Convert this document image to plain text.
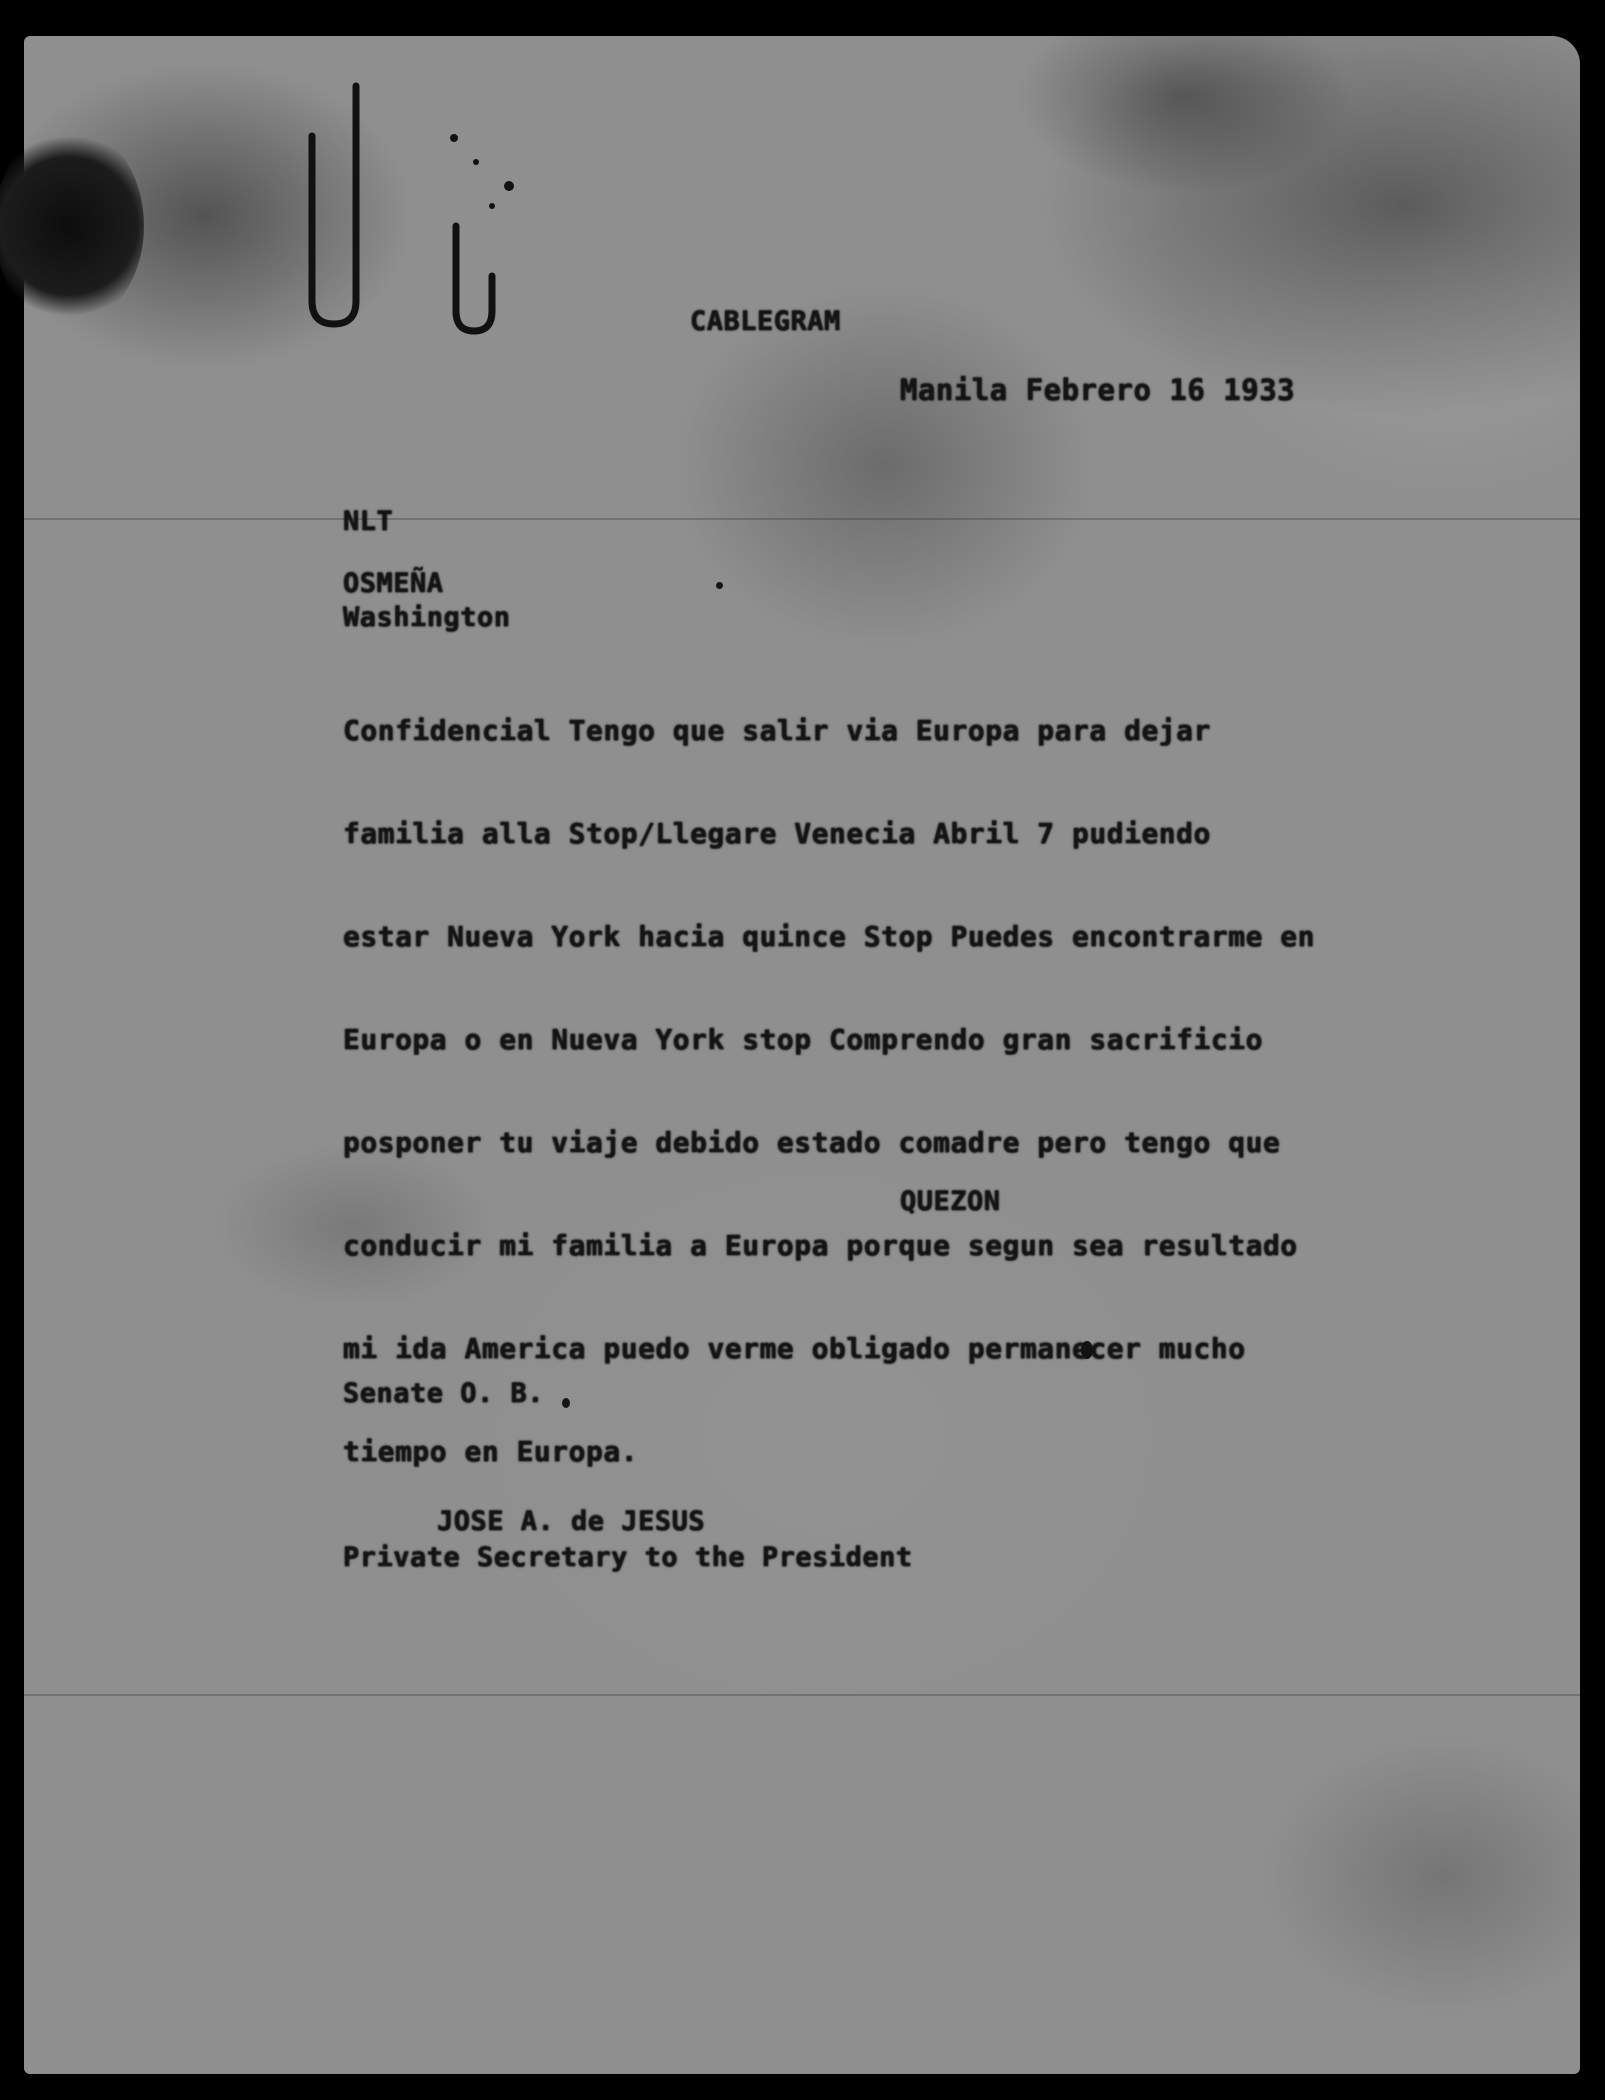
CABLEGRAM
Manila Febrero 16 1933
NLT
OSMEÑA
Washington

Confidencial Tengo que salir via Europa para dejar

familia alla Stop/Llegare Venecia Abril 7 pudiendo

estar Nueva York hacia quince Stop Puedes encontrarme en

Europa o en Nueva York stop Comprendo gran sacrificio

posponer tu viaje debido estado comadre pero tengo que

conducir mi familia a Europa porque segun sea resultado

mi ida America puedo verme obligado permanecer mucho

tiempo en Europa.

QUEZON
Senate O. B.
JOSE A. de JESUS
Private Secretary to the President
